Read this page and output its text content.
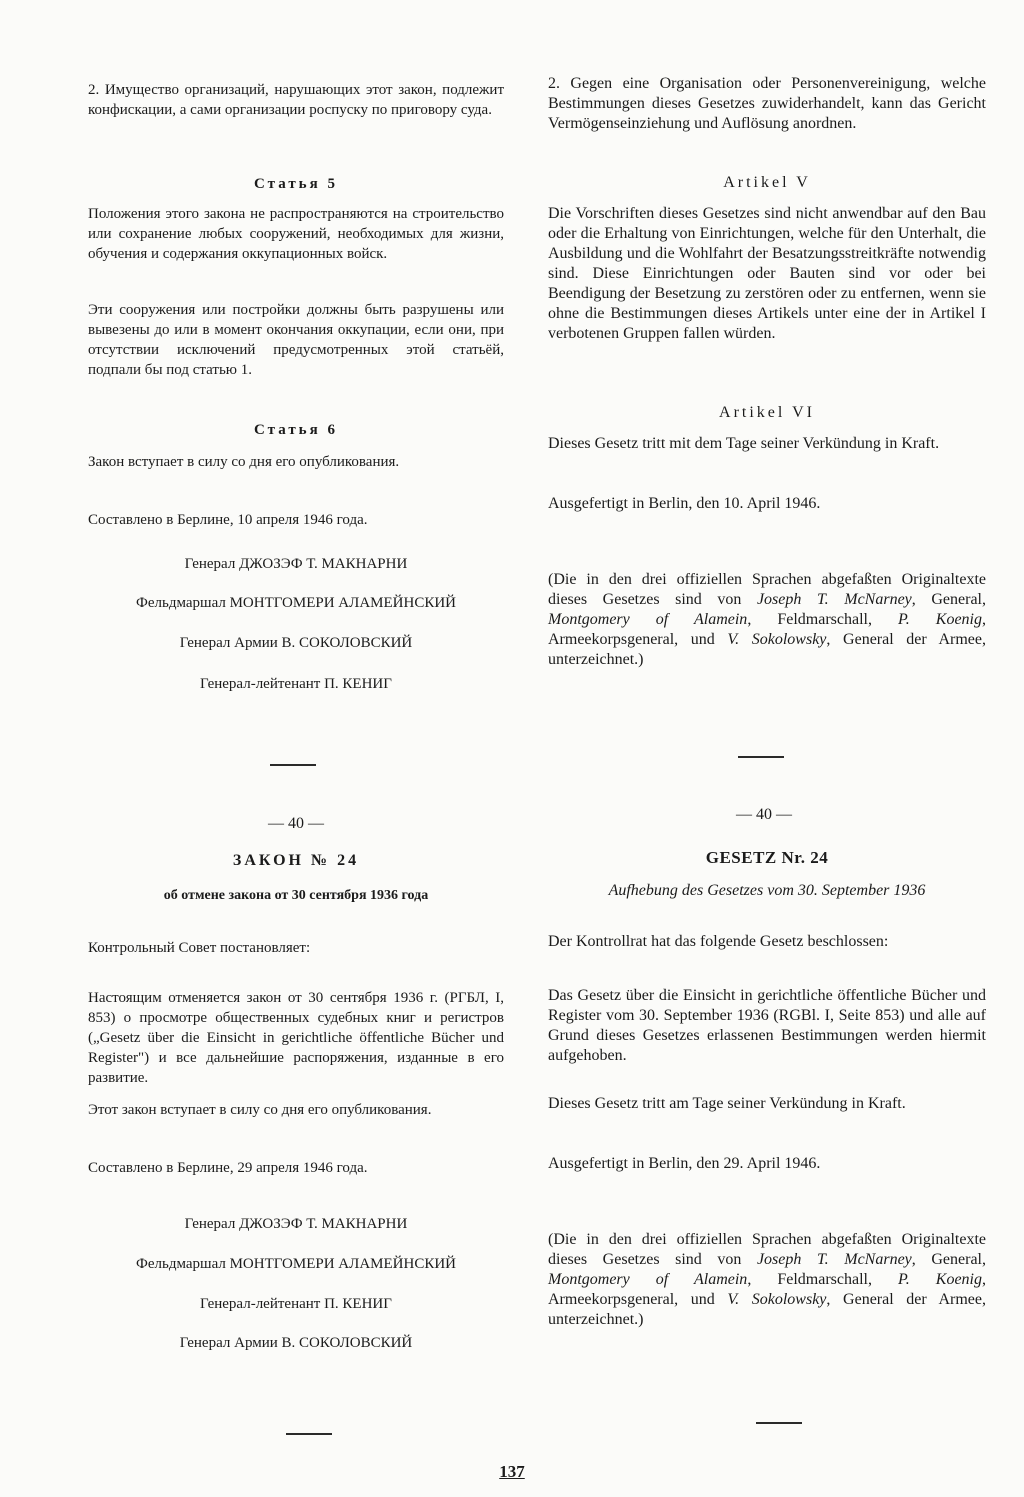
2. Имущество организаций, нарушающих этот закон, подлежит конфискации, а сами организации роспуску по приговору суда.

Статья 5

Положения этого закона не распространяются на строительство или сохранение любых сооружений, необходимых для жизни, обучения и содержания оккупационных войск.

Эти сооружения или постройки должны быть разрушены или вывезены до или в момент окончания оккупации, если они, при отсутствии исключений предусмотренных этой статьёй, подпали бы под статью 1.

Статья 6

Закон вступает в силу со дня его опубликования.

Составлено в Берлине, 10 апреля 1946 года.

Генерал ДЖОЗЭФ Т. МАКНАРНИ

Фельдмаршал МОНТГОМЕРИ АЛАМЕЙНСКИЙ

Генерал Армии В. СОКОЛОВСКИЙ

Генерал-лейтенант П. КЕНИГ

— 40 —

ЗАКОН № 24

об отмене закона от 30 сентября 1936 года

Контрольный Совет постановляет:

Настоящим отменяется закон от 30 сентября 1936 г. (РГБЛ, I, 853) о просмотре общественных судебных книг и регистров („Gesetz über die Einsicht in gerichtliche öffentliche Bücher und Register") и все дальнейшие распоряжения, изданные в его развитие.

Этот закон вступает в силу со дня его опубликования.

Составлено в Берлине, 29 апреля 1946 года.

Генерал ДЖОЗЭФ Т. МАКНАРНИ

Фельдмаршал МОНТГОМЕРИ АЛАМЕЙНСКИЙ

Генерал-лейтенант П. КЕНИГ

Генерал Армии В. СОКОЛОВСКИЙ

2. Gegen eine Organisation oder Personenvereinigung, welche Bestimmungen dieses Gesetzes zuwiderhandelt, kann das Gericht Vermögenseinziehung und Auflösung anordnen.

Artikel V

Die Vorschriften dieses Gesetzes sind nicht anwendbar auf den Bau oder die Erhaltung von Einrichtungen, welche für den Unterhalt, die Ausbildung und die Wohlfahrt der Besatzungsstreitkräfte notwendig sind. Diese Einrichtungen oder Bauten sind vor oder bei Beendigung der Besetzung zu zerstören oder zu entfernen, wenn sie ohne die Bestimmungen dieses Artikels unter eine der in Artikel I verbotenen Gruppen fallen würden.

Artikel VI

Dieses Gesetz tritt mit dem Tage seiner Verkündung in Kraft.

Ausgefertigt in Berlin, den 10. April 1946.

(Die in den drei offiziellen Sprachen abgefaßten Originaltexte dieses Gesetzes sind von Joseph T. McNarney, General, Montgomery of Alamein, Feldmarschall, P. Koenig, Armeekorpsgeneral, und V. Sokolowsky, General der Armee, unterzeichnet.)

— 40 —

GESETZ Nr. 24

Aufhebung des Gesetzes vom 30. September 1936

Der Kontrollrat hat das folgende Gesetz beschlossen:

Das Gesetz über die Einsicht in gerichtliche öffentliche Bücher und Register vom 30. September 1936 (RGBl. I, Seite 853) und alle auf Grund dieses Gesetzes erlassenen Bestimmungen werden hiermit aufgehoben.

Dieses Gesetz tritt am Tage seiner Verkündung in Kraft.

Ausgefertigt in Berlin, den 29. April 1946.

(Die in den drei offiziellen Sprachen abgefaßten Originaltexte dieses Gesetzes sind von Joseph T. McNarney, General, Montgomery of Alamein, Feldmarschall, P. Koenig, Armeekorpsgeneral, und V. Sokolowsky, General der Armee, unterzeichnet.)

137
